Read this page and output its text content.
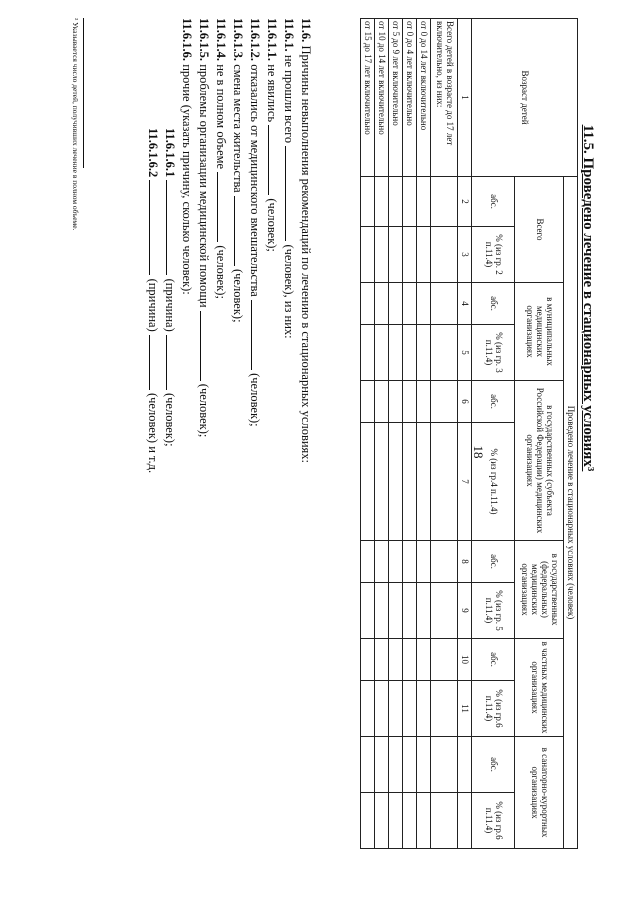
18	11.5. Проведено лечение в стационарных условиях³
Возраст детей	Проведено лечение в стационарных условиях (человек)											
	Всего		в муниципальных медицинских организациях		в государственных (субъекта Российской Федерации) медицинских организациях		в государственных (федеральных) медицинских организациях		в частных медицинских организациях		в санаторно-курортных организациях	
	абс.	% (из гр. 2 п.11.4)	абс.	% (из гр. 3 п.11.4)	абс.	% (из гр.4 п.11.4)	абс.	% (из гр. 5 п.11.4)	абс.	% (из гр.6 п.11.4)	абс.	% (из гр.6 п.11.4)
1	2	3	4	5	6	7	8	9	10	11		
Всего детей в возрасте до 17 лет включительно, из них:												
от 0 до 14 лет включительно												
от 0 до 4 лет включительно												
от 5 до 9 лет включительно												
от 10 до 14 лет включительно												
от 15 до 17 лет включительно												
11.6. Причины невыполнения рекомендаций по лечению в стационарных условиях:
11.6.1. не прошли всего  (человек), из них:
11.6.1.1. не явились  (человек);
11.6.1.2. отказались от медицинского вмешательства  (человек);
11.6.1.3. смена места жительства  (человек);
11.6.1.4. не в полном объеме  (человек);
11.6.1.5. проблемы организации медицинской помощи  (человек);
11.6.1.6. прочие (указать причину, сколько человек):
11.6.1.6.1  (причина)  (человек);
11.6.1.6.2  (причина)  (человек) и т.д.
³ Указывается число детей, получивших лечение в полном объеме.
